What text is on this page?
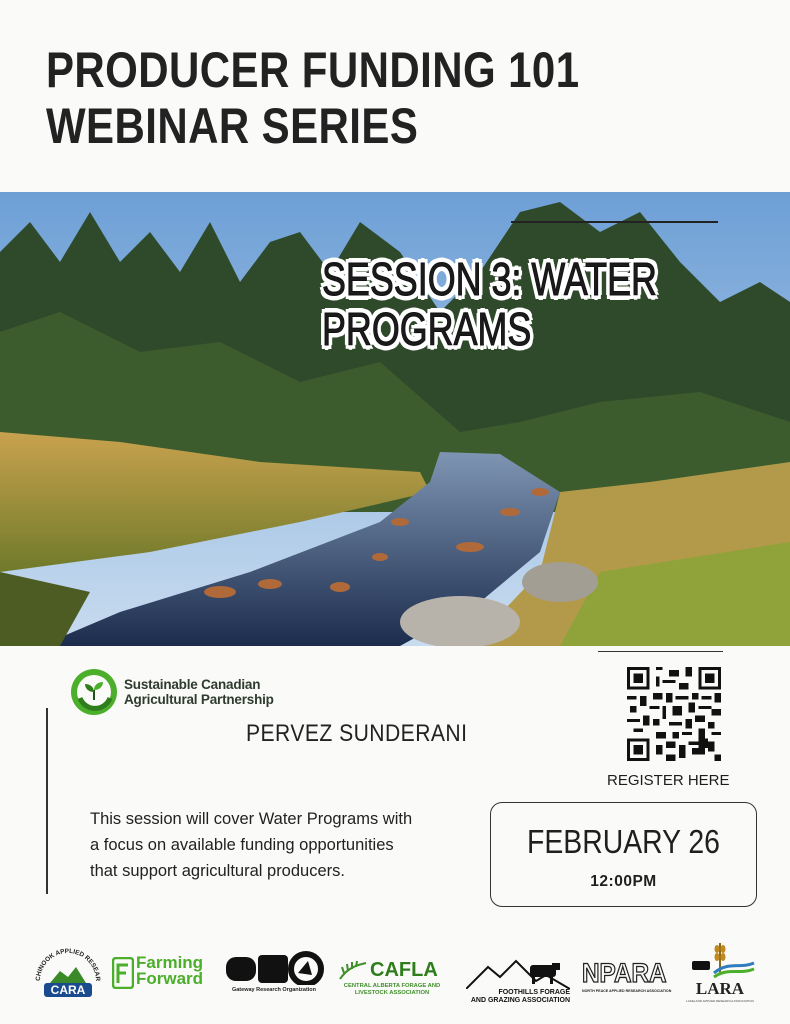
PRODUCER FUNDING 101
WEBINAR SERIES
SESSION 3: WATER
PROGRAMS
Sustainable Canadian
Agricultural Partnership
PERVEZ SUNDERANI
REGISTER HERE
This session will cover Water Programs with
a focus on available funding opportunities
that support agricultural producers.
FEBRUARY 26
12:00PM
CHINOOK APPLIED RESEAR
CARA
Farming
Forward
Gateway Research Organization
CAFLA
CENTRAL ALBERTA FORAGE AND
LIVESTOCK ASSOCIATION	FOOTHILLS FORAGE
AND GRAZING ASSOCIATION
NPARA
NORTH PEACE APPLIED RESEARCH ASSOCIATION	LARA
LAKELAND APPLIED RESEARCH ASSOCIATION
